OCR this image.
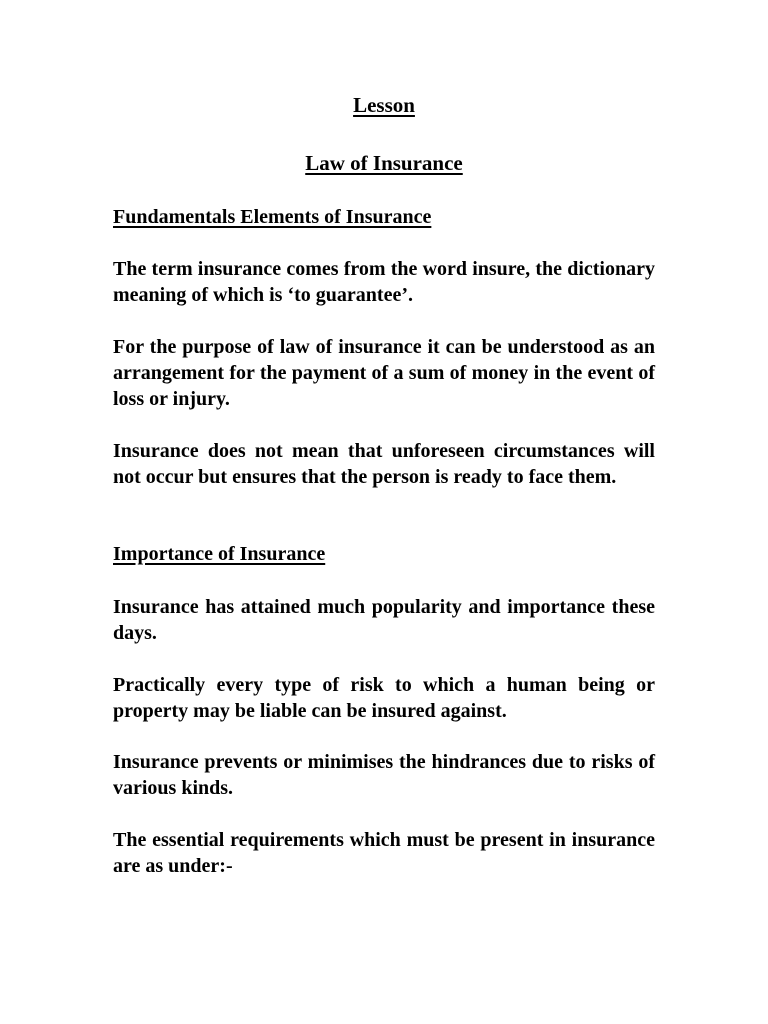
Lesson
Law of Insurance
Fundamentals Elements of Insurance

The term insurance comes from the word insure, the dictionary meaning of which is ‘to guarantee’.

For the purpose of law of insurance it can be understood as an arrangement for the payment of a sum of money in the event of loss or injury.

Insurance does not mean that unforeseen circumstances will not occur but ensures that the person is ready to face them.

Importance of Insurance

Insurance has attained much popularity and importance these days.

Practically every type of risk to which a human being or property may be liable can be insured against.

Insurance prevents or minimises the hindrances due to risks of various kinds.

The essential requirements which must be present in insurance are as under:-
